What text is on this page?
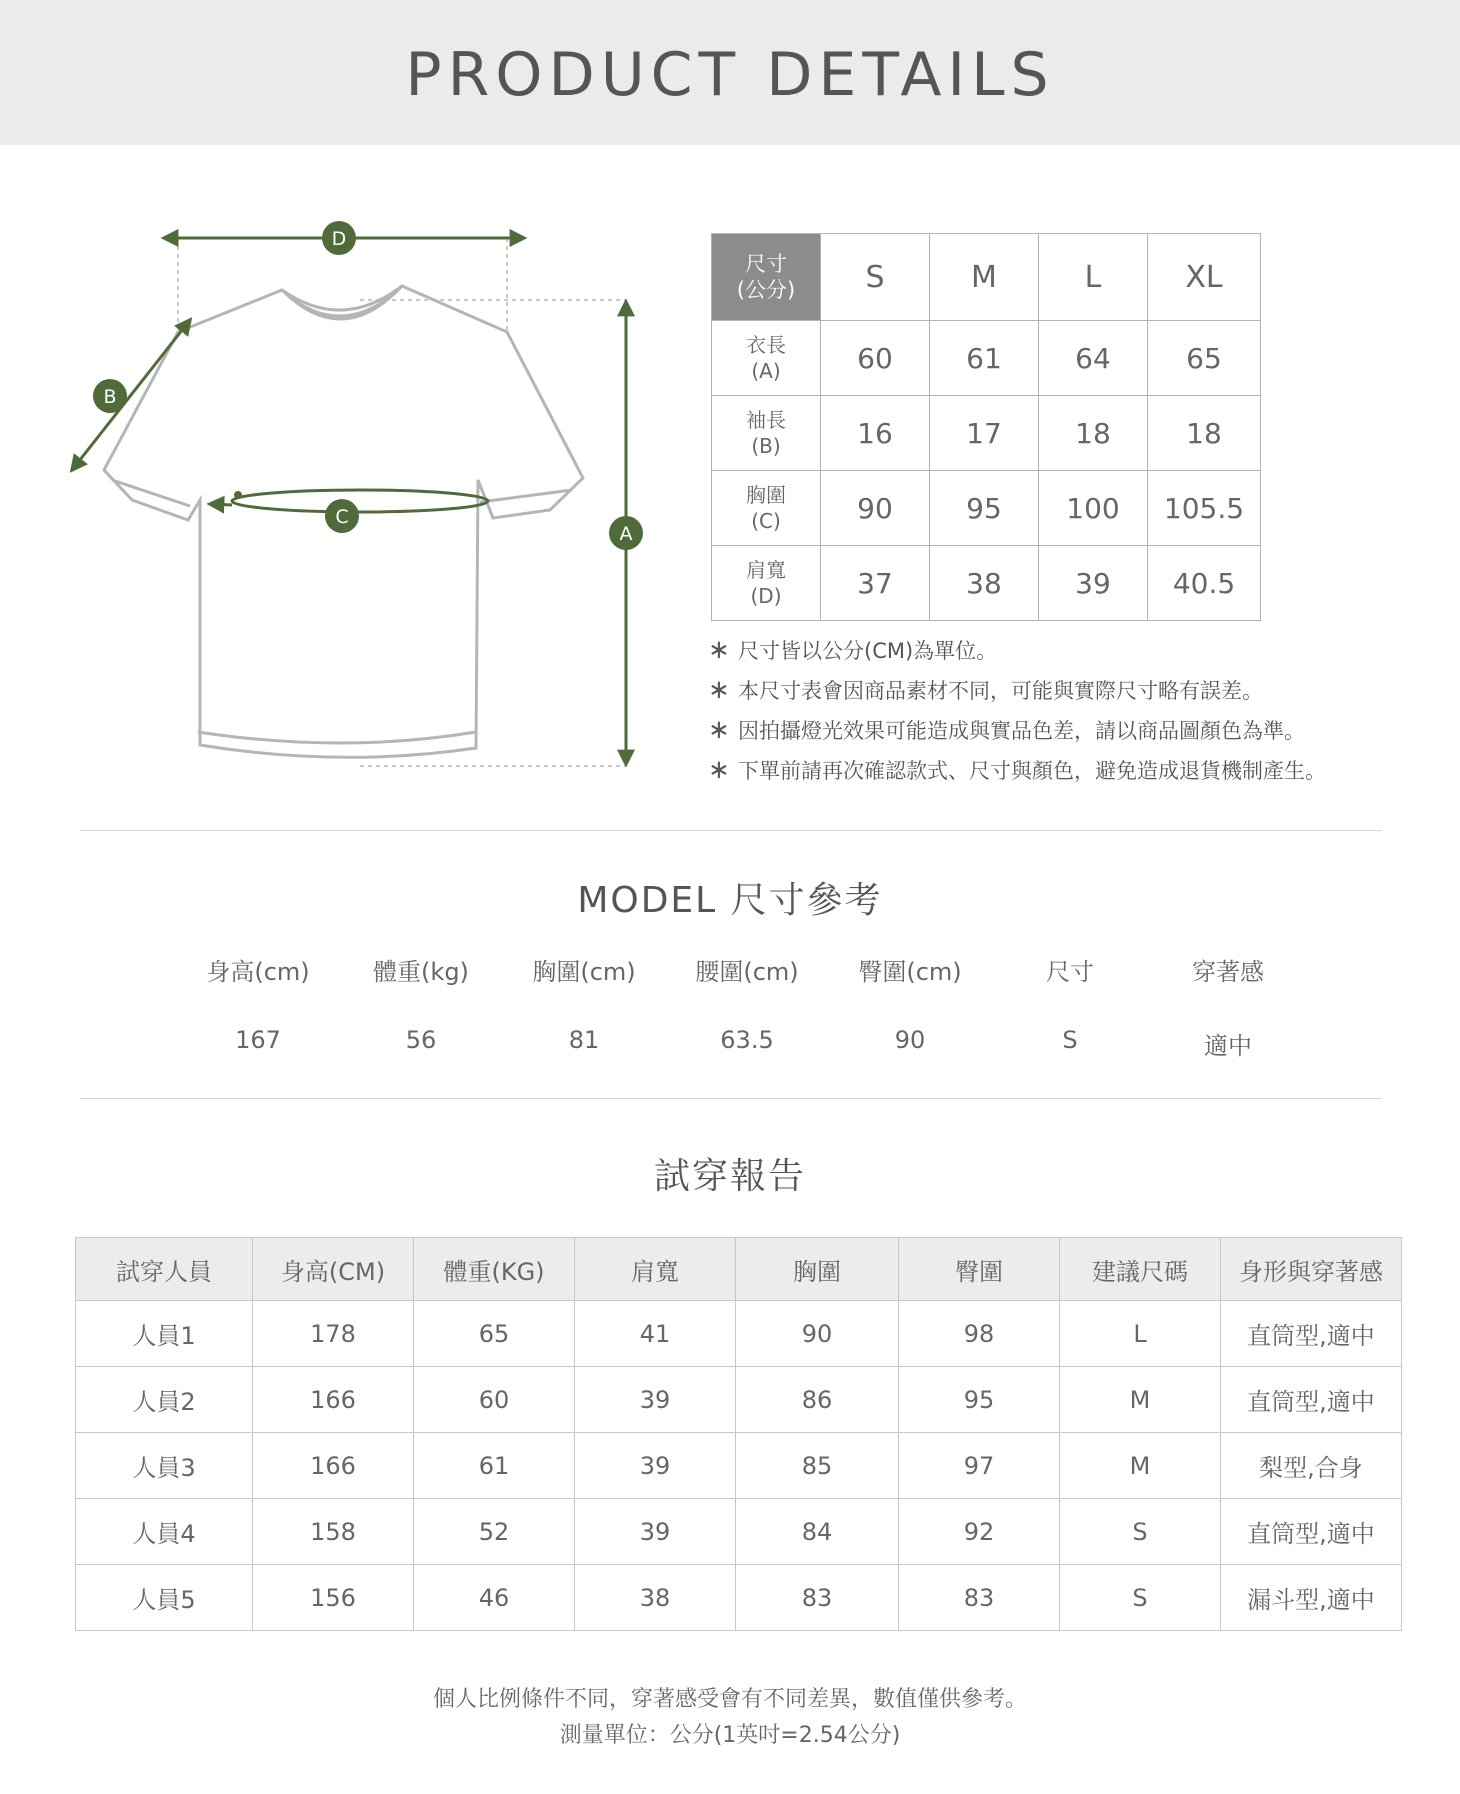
PRODUCT DETAILS
A
B
C
D
尺寸
(公分)	S	M	L	XL

衣長
(A)	60	61	64	65

袖長
(B)	16	17	18	18

胸圍
(C)	90	95	100	105.5

肩寬
(D)	37	38	39	40.5
∗ 尺寸皆以公分(CM)為單位。
∗ 本尺寸表會因商品素材不同，可能與實際尺寸略有誤差。
∗ 因拍攝燈光效果可能造成與實品色差，請以商品圖顏色為準。
∗ 下單前請再次確認款式、尺寸與顏色，避免造成退貨機制產生。
MODEL 尺寸參考
身高(cm)	體重(kg)	胸圍(cm)	腰圍(cm)	臀圍(cm)	尺寸	穿著感
167	56	81	63.5	90	S	適中
試穿報告
試穿人員	身高(CM)	體重(KG)	肩寬	胸圍	臀圍	建議尺碼	身形與穿著感
人員1	178	65	41	90	98	L	直筒型,適中
人員2	166	60	39	86	95	M	直筒型,適中
人員3	166	61	39	85	97	M	梨型,合身
人員4	158	52	39	84	92	S	直筒型,適中
人員5	156	46	38	83	83	S	漏斗型,適中
個人比例條件不同，穿著感受會有不同差異，數值僅供參考。
測量單位：公分(1英吋=2.54公分)
